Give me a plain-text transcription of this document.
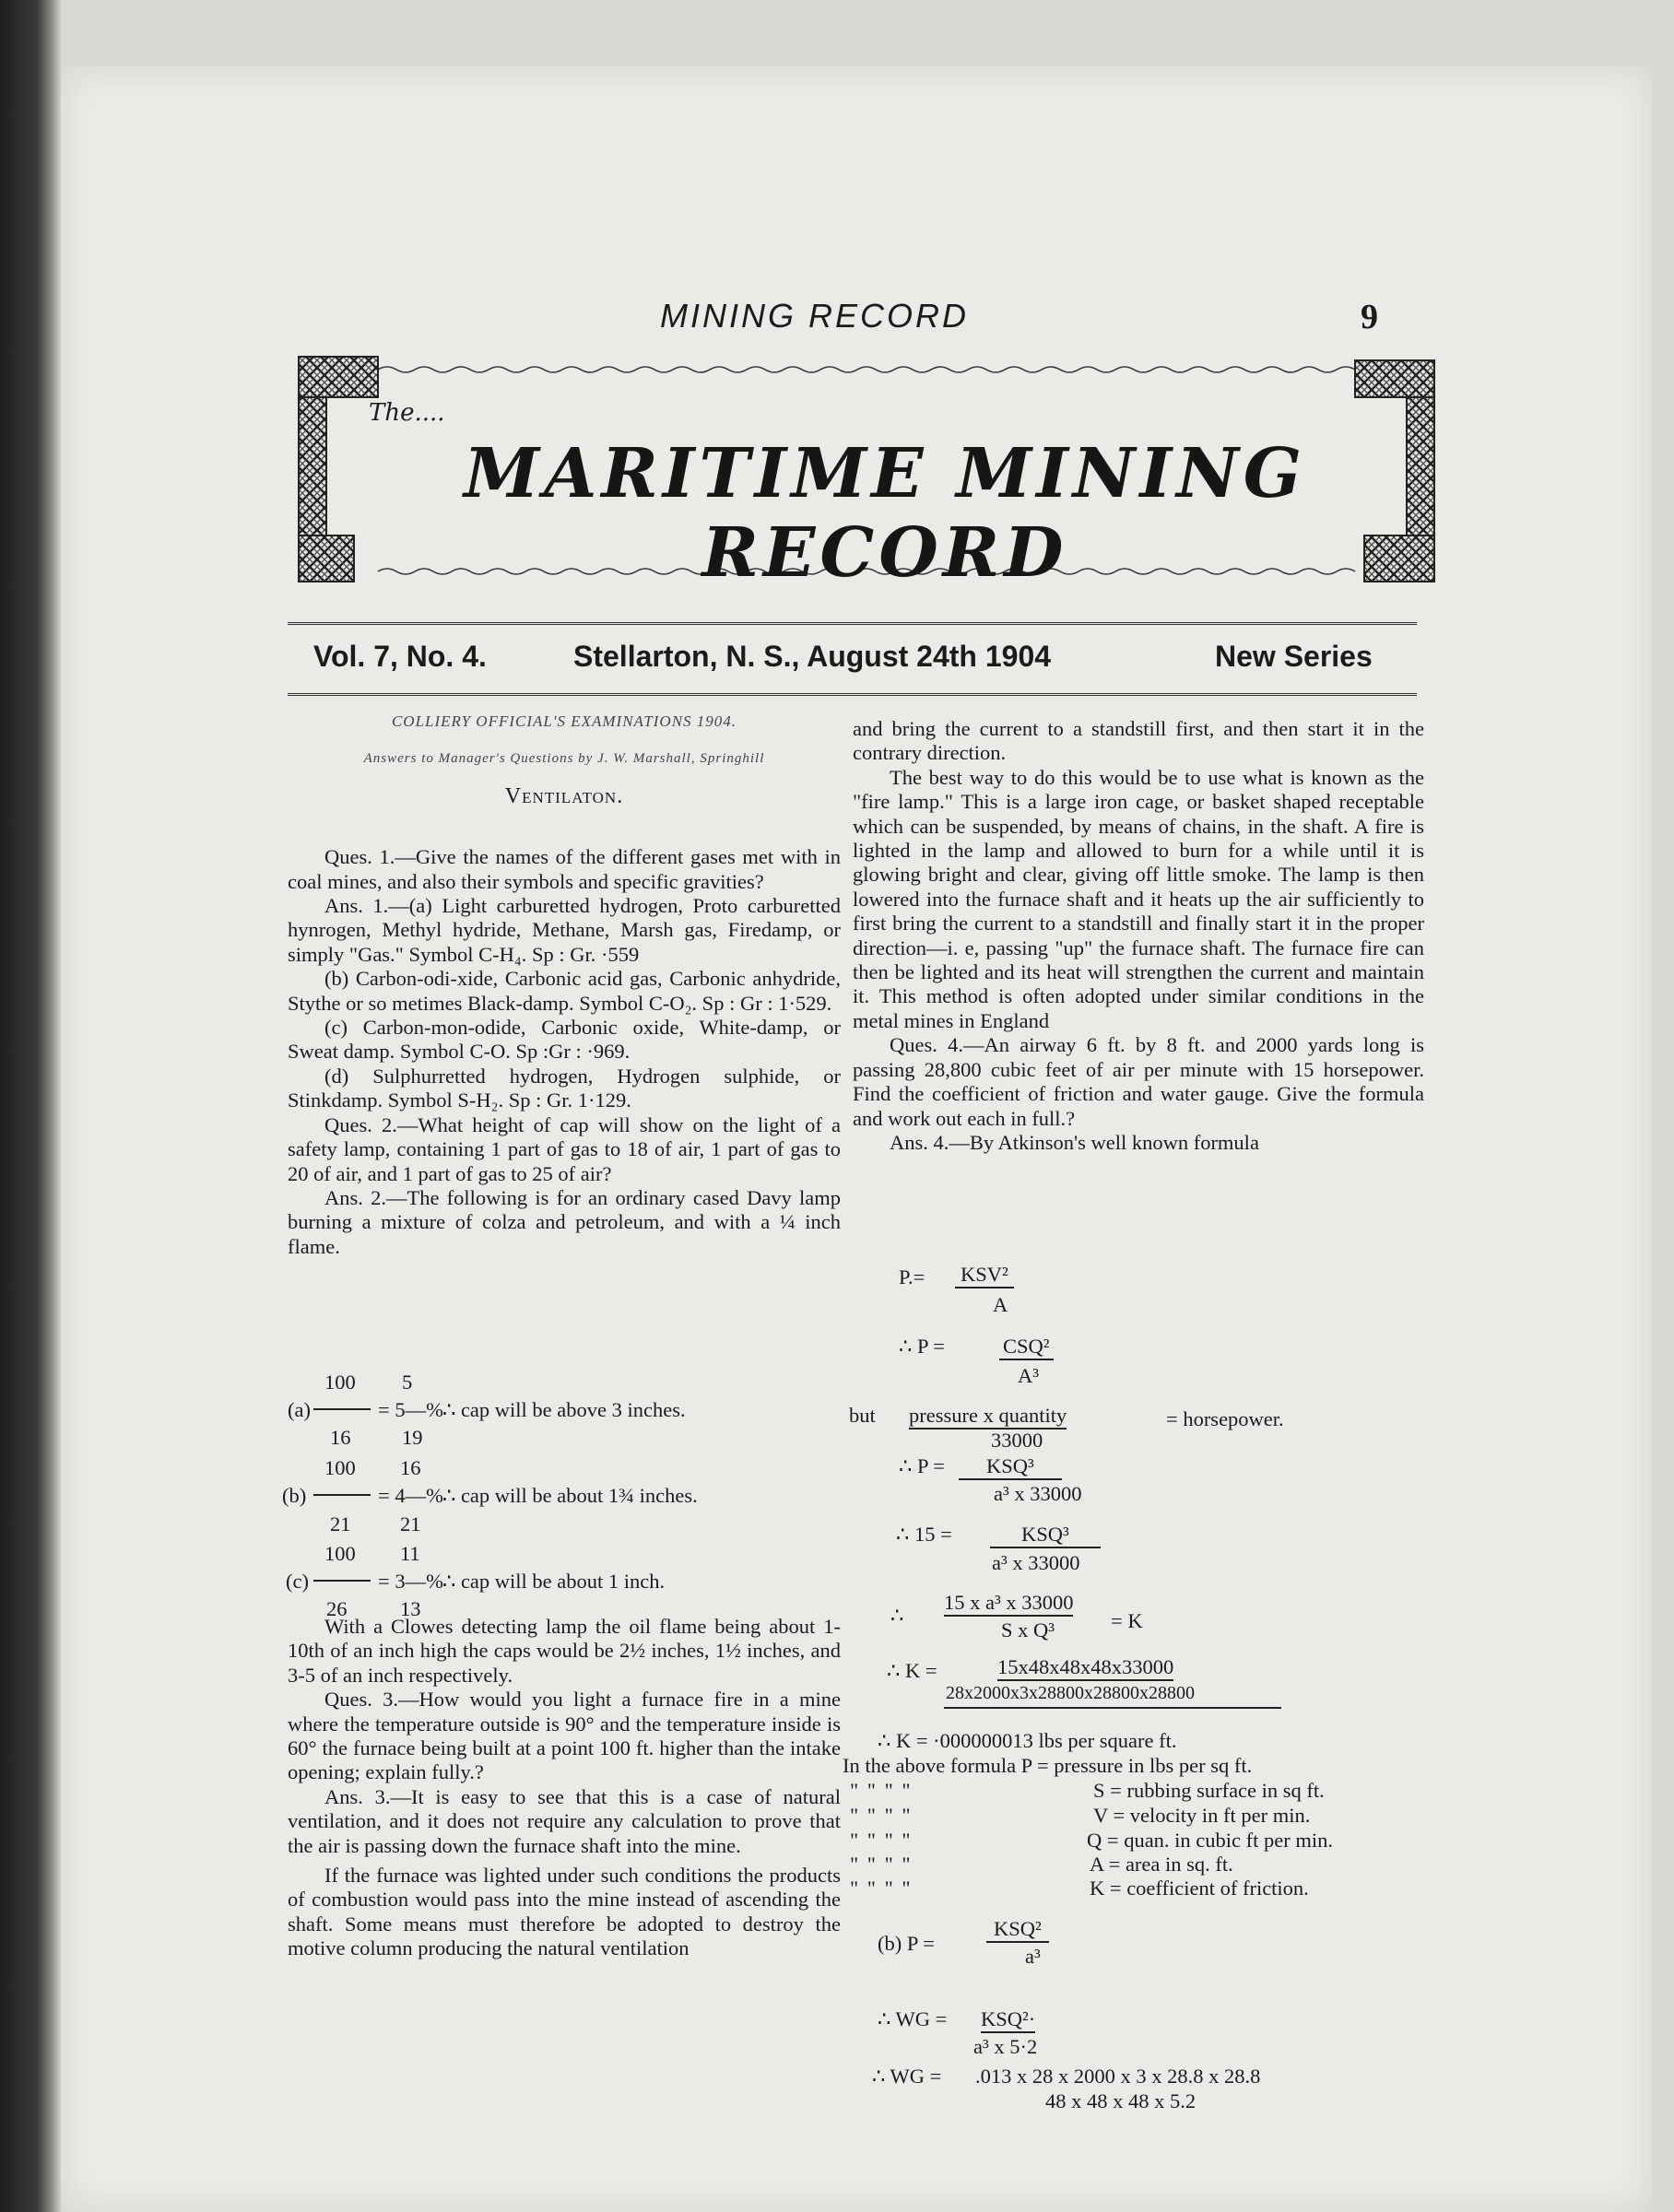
MINING RECORD	9
The....
MARITIME MINING RECORD
Vol. 7, No. 4.	Stellarton, N. S., August 24th 1904	New Series

COLLIERY OFFICIAL'S EXAMINATIONS 1904.

Answers to Manager's Questions by J. W. Marshall, Springhill

Ventilaton.

Ques. 1.—Give the names of the different gases met with in coal mines, and also their symbols and specific gravities?

Ans. 1.—(a) Light carburetted hydrogen, Proto carburetted hynrogen, Methyl hydride, Methane, Marsh gas, Firedamp, or simply "Gas." Symbol C-H₄. Sp : Gr. ·559

(b) Carbon-odi-xide, Carbonic acid gas, Carbonic anhydride, Stythe or so metimes Black-damp. Symbol C-O₂. Sp : Gr : 1·529.

(c) Carbon-mon-odide, Carbonic oxide, White-damp, or Sweat damp. Symbol C-O. Sp :Gr : ·969.

(d) Sulphurretted hydrogen, Hydrogen sulphide, or Stinkdamp. Symbol S-H₂. Sp : Gr. 1·129.

Ques. 2.—What height of cap will show on the light of a safety lamp, containing 1 part of gas to 18 of air, 1 part of gas to 20 of air, and 1 part of gas to 25 of air?

Ans. 2.—The following is for an ordinary cased Davy lamp burning a mixture of colza and petroleum, and with a ¼ inch flame.

100 5
(a)	= 5—% ∴ cap will be above 3 inches.
16 19
100 16
(b)	= 4—% ∴ cap will be about 1¾ inches.
21 21
100 11
(c)	= 3—% ∴ cap will be about 1 inch.
26	13

With a Clowes detecting lamp the oil flame being about 1-10th of an inch high the caps would be 2½ inches, 1½ inches, and 3-5 of an inch respectively.

Ques. 3.—How would you light a furnace fire in a mine where the temperature outside is 90° and the temperature inside is 60° the furnace being built at a point 100 ft. higher than the intake opening; explain fully.?

Ans. 3.—It is easy to see that this is a case of natural ventilation, and it does not require any calculation to prove that the air is passing down the furnace shaft into the mine.

If the furnace was lighted under such conditions the products of combustion would pass into the mine instead of ascending the shaft. Some means must therefore be adopted to destroy the motive column producing the natural ventilation

and bring the current to a standstill first, and then start it in the contrary direction.

The best way to do this would be to use what is known as the "fire lamp." This is a large iron cage, or basket shaped receptable which can be suspended, by means of chains, in the shaft. A fire is lighted in the lamp and allowed to burn for a while until it is glowing bright and clear, giving off little smoke. The lamp is then lowered into the furnace shaft and it heats up the air sufficiently to first bring the current to a standstill and finally start it in the proper direction—i. e, passing "up" the furnace shaft. The furnace fire can then be lighted and its heat will strengthen the current and maintain it. This method is often adopted under similar conditions in the metal mines in England

Ques. 4.—An airway 6 ft. by 8 ft. and 2000 yards long is passing 28,800 cubic feet of air per minute with 15 horsepower. Find the coefficient of friction and water gauge. Give the formula and work out each in full.?

Ans. 4.—By Atkinson's well known formula

P.= KSV²
A
∴ P =	CSQ²
A³
but pressure x quantity
33000
= horsepower.
∴ P =	KSQ³
a³ x 33000
∴ 15 =	KSQ³
a³ x 33000
∴
15 x a³ x 33000
S x Q³	= K
∴ K =	15x48x48x48x33000
28x2000x3x28800x28800x28800
∴ K = ·000000013 lbs per square ft.
In the above formula P = pressure in lbs per sq ft.
" " " "	S = rubbing surface in sq ft.
" " " "	V = velocity in ft per min.
" " " "	Q = quan. in cubic ft per min.
" " " "	A = area in sq. ft.
" " " "	K = coefficient of friction.
(b) P =
KSQ²
a³
∴ WG = KSQ²·
a³ x 5·2
∴ WG = .013 x 28 x 2000 x 3 x 28.8 x 28.8
48 x 48 x 48 x 5.2
